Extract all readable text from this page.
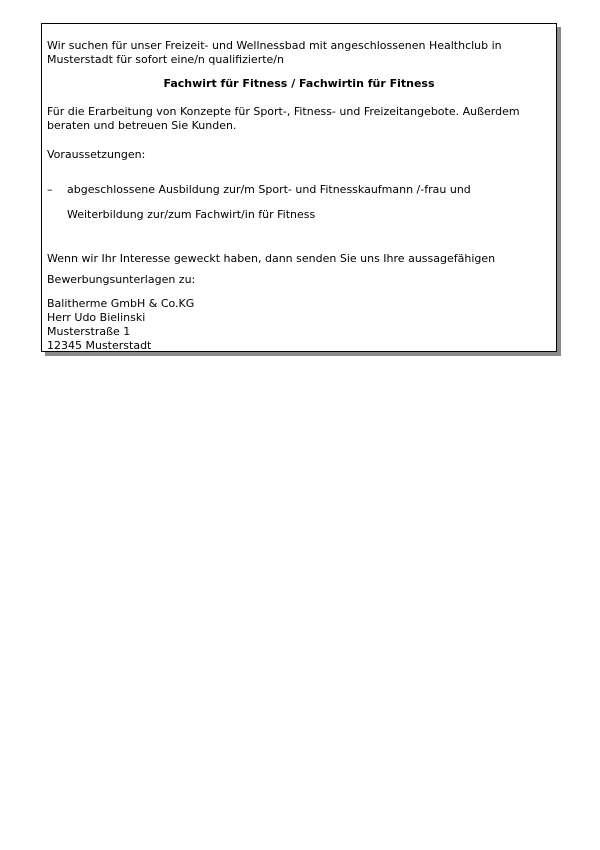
Wir suchen für unser Freizeit- und Wellnessbad mit angeschlossenen Healthclub in
Musterstadt für sofort eine/n qualifizierte/n

Fachwirt für Fitness / Fachwirtin für Fitness

Für die Erarbeitung von Konzepte für Sport-, Fitness- und Freizeitangebote. Außerdem
beraten und betreuen Sie Kunden.

Voraussetzungen:

– abgeschlossene Ausbildung zur/m Sport- und Fitnesskaufmann /-frau und
Weiterbildung zur/zum Fachwirt/in für Fitness

Wenn wir Ihr Interesse geweckt haben, dann senden Sie uns Ihre aussagefähigen
Bewerbungsunterlagen zu:

Balitherme GmbH & Co.KG
Herr Udo Bielinski
Musterstraße 1
12345 Musterstadt
